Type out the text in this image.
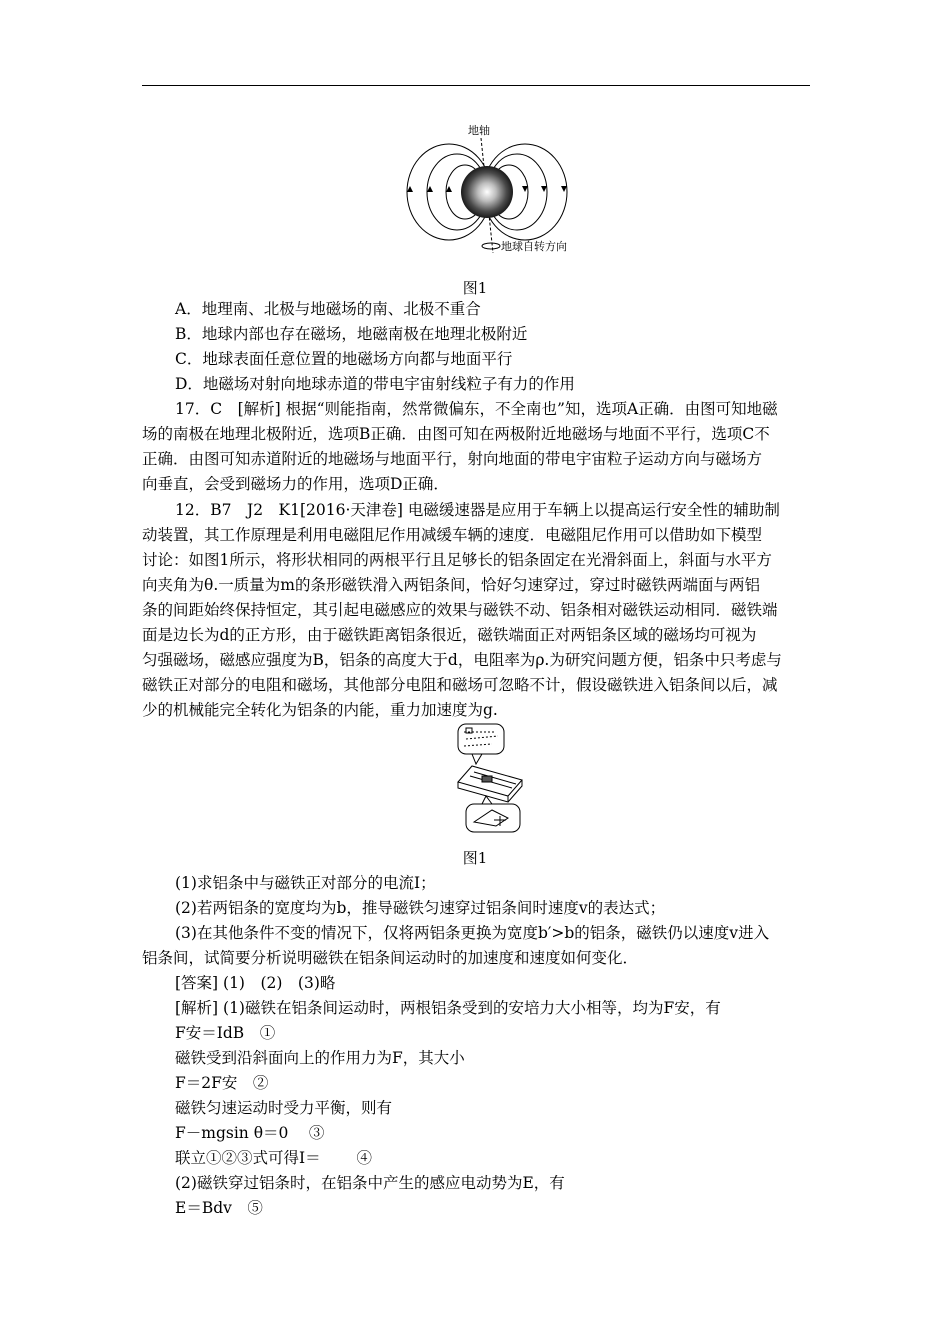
地轴
地球自转方向
图1
A．地理南、北极与地磁场的南、北极不重合
B．地球内部也存在磁场，地磁南极在地理北极附近
C．地球表面任意位置的地磁场方向都与地面平行
D．地磁场对射向地球赤道的带电宇宙射线粒子有力的作用
17．C　[解析] 根据“则能指南，然常微偏东，不全南也”知，选项A正确．由图可知地磁
场的南极在地理北极附近，选项B正确．由图可知在两极附近地磁场与地面不平行，选项C不
正确．由图可知赤道附近的地磁场与地面平行，射向地面的带电宇宙粒子运动方向与磁场方
向垂直，会受到磁场力的作用，选项D正确．
12．B7　J2　K1[2016·天津卷] 电磁缓速器是应用于车辆上以提高运行安全性的辅助制
动装置，其工作原理是利用电磁阻尼作用减缓车辆的速度．电磁阻尼作用可以借助如下模型
讨论：如图1所示，将形状相同的两根平行且足够长的铝条固定在光滑斜面上，斜面与水平方
向夹角为θ.一质量为m的条形磁铁滑入两铝条间，恰好匀速穿过，穿过时磁铁两端面与两铝
条的间距始终保持恒定，其引起电磁感应的效果与磁铁不动、铝条相对磁铁运动相同．磁铁端
面是边长为d的正方形，由于磁铁距离铝条很近，磁铁端面正对两铝条区域的磁场均可视为
匀强磁场，磁感应强度为B，铝条的高度大于d，电阻率为ρ.为研究问题方便，铝条中只考虑与
磁铁正对部分的电阻和磁场，其他部分电阻和磁场可忽略不计，假设磁铁进入铝条间以后，减
少的机械能完全转化为铝条的内能，重力加速度为g.
图1
(1)求铝条中与磁铁正对部分的电流I；
(2)若两铝条的宽度均为b，推导磁铁匀速穿过铝条间时速度v的表达式；
(3)在其他条件不变的情况下，仅将两铝条更换为宽度b′>b的铝条，磁铁仍以速度v进入
铝条间，试简要分析说明磁铁在铝条间运动时的加速度和速度如何变化．
[答案] (1)　(2)　(3)略
[解析] (1)磁铁在铝条间运动时，两根铝条受到的安培力大小相等，均为F安，有
F安＝IdB　①
磁铁受到沿斜面向上的作用力为F，其大小
F＝2F安　②
磁铁匀速运动时受力平衡，则有
F－mgsin θ＝0　 ③
联立①②③式可得I＝　　 ④
(2)磁铁穿过铝条时，在铝条中产生的感应电动势为E，有
E＝Bdv　⑤
